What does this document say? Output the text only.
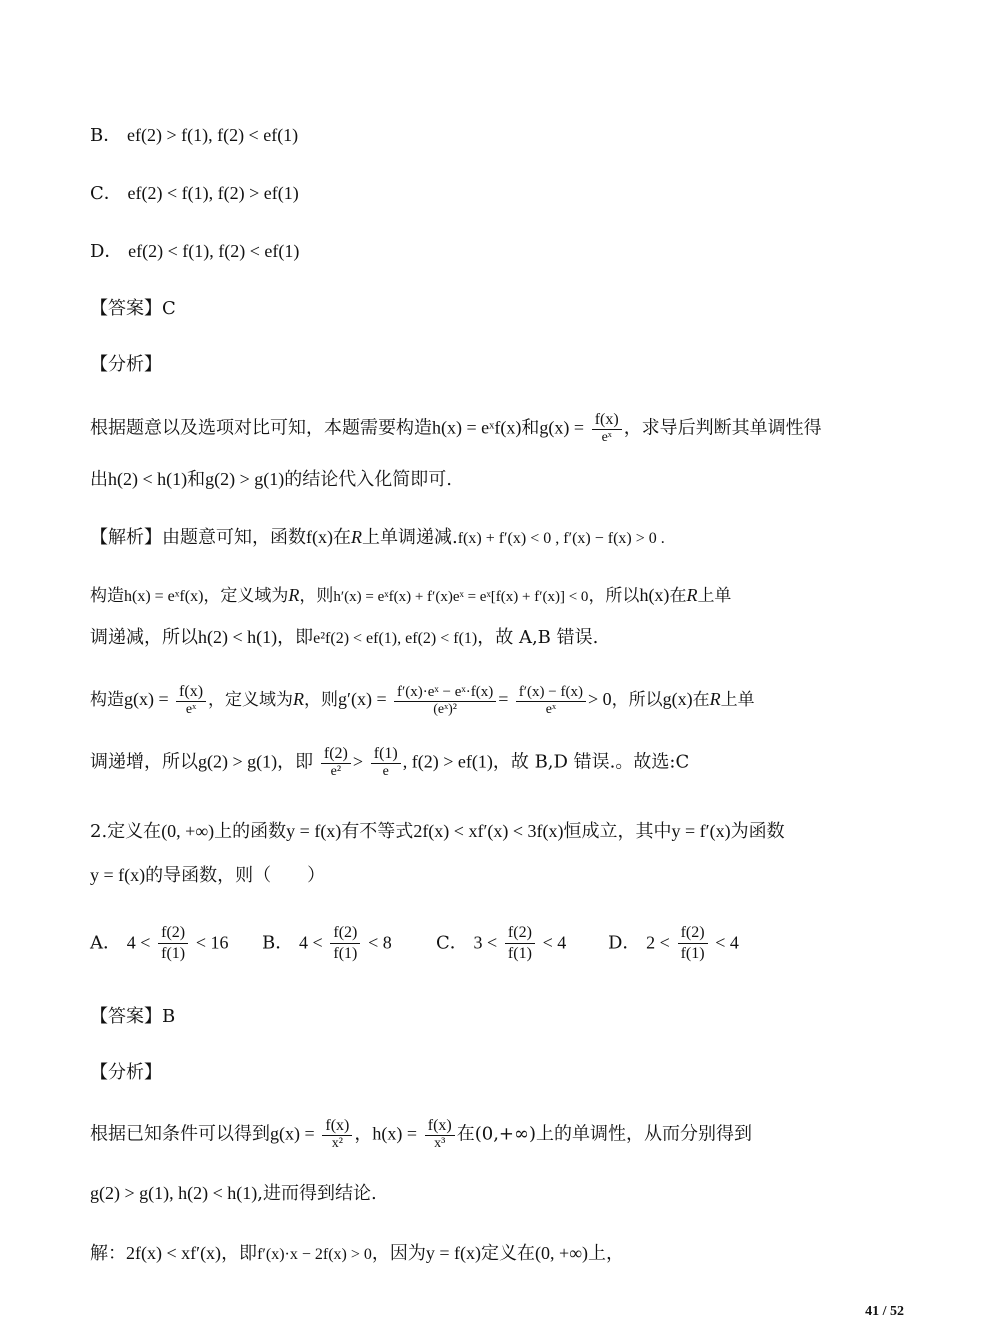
B． ef(2) > f(1), f(2) < ef(1)
C． ef(2) < f(1), f(2) > ef(1)
D． ef(2) < f(1), f(2) < ef(1)
【答案】C
【分析】
根据题意以及选项对比可知，本题需要构造h(x) = eˣf(x)和$g(x) = \frac{f(x)}{\text{eˣ}}$ ，求导后判断其单调性得
出h(2) < h(1)和g(2) > g(1)的结论代入化简即可.
【解析】由题意可知，函数f(x)在R上单调递减.f(x) + f′(x) < 0 , f′(x) − f(x) > 0 .
构造h(x) = eˣf(x)，定义域为R，则h′(x) = eˣf(x) + f′(x)eˣ = eˣ[f(x) + f′(x)] < 0，所以h(x)在R上单
调递减，所以h(2) < h(1)，即e²f(2) < ef(1), ef(2) < f(1)，故 A,B 错误.
构造$g(x) = \frac{f(x)}{\text{eˣ}}$ ，定义域为R，则$g'(x) = \frac{\text{f′(x)·eˣ − eˣ·f(x)}}{\text{(eˣ)²}} = \frac{f'(x) - f(x)}{\text{eˣ}} > 0$，所以g(x)在R上单
调递增，所以g(2) > g(1)，即 $\frac{f(2)}{\text{e²}} > \frac{f(1)}{e}$ , f(2) > ef(1)，故 B,D 错误.。故选:C
2.定义在(0, +∞)上的函数y = f(x)有不等式2f(x) < xf′(x) < 3f(x)恒成立，其中y = f′(x)为函数
y = f(x)的导函数，则（　　）
A． $4 < \frac{f(2)}{f(1)} < 16$ B． $4 < \frac{f(2)}{f(1)} < 8$ C． $3 < \frac{f(2)}{f(1)} < 4$ D． $2 < \frac{f(2)}{f(1)} < 4$
【答案】B
【分析】
根据已知条件可以得到$g(x) = \frac{f(x)}{\text{x²}}$ ，$h(x) = \frac{f(x)}{\text{x³}}$ 在(0,+∞)上的单调性，从而分别得到
g(2) > g(1), h(2) < h(1),进而得到结论.
解：2f(x) < xf′(x)，即f′(x)·x − 2f(x) > 0，因为y = f(x)定义在(0, +∞)上，
41 / 52
